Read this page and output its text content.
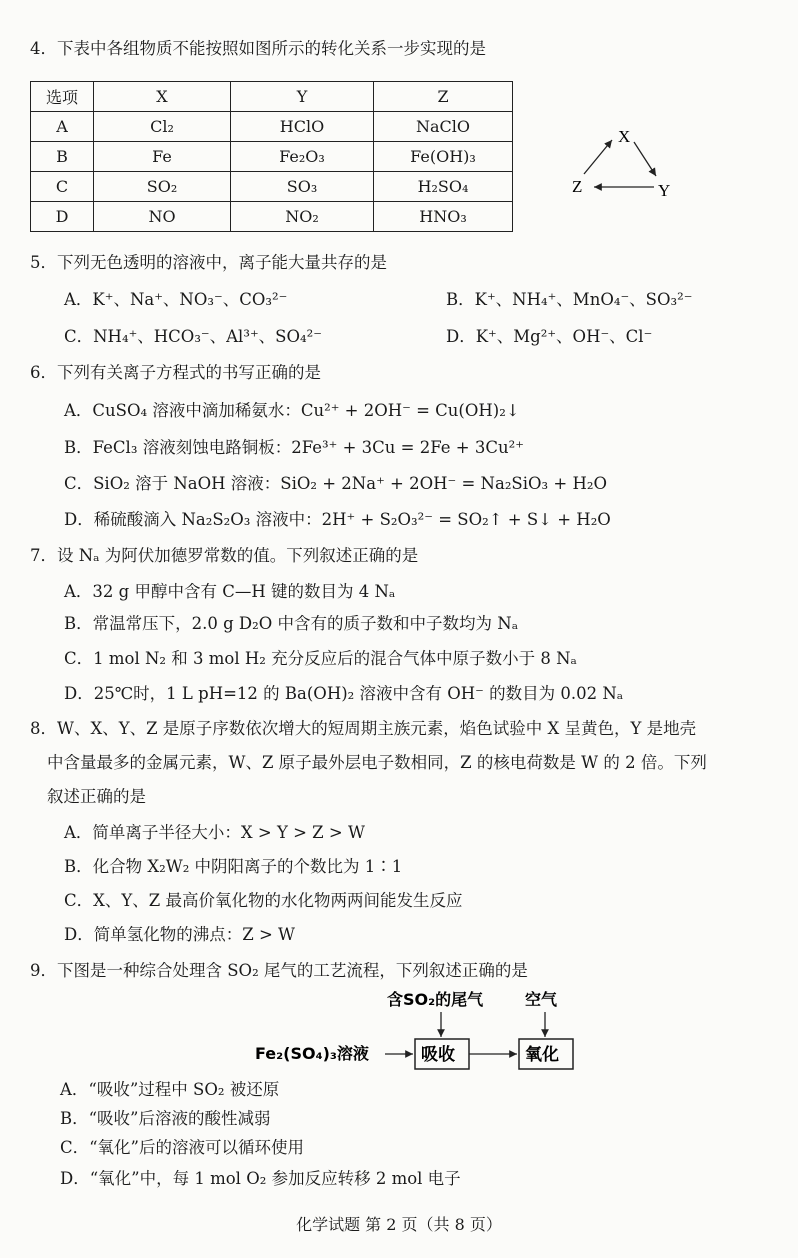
4．下表中各组物质不能按照如图所示的转化关系一步实现的是
选项	X	Y	Z
A	Cl₂	HClO	NaClO
B	Fe	Fe₂O₃	Fe(OH)₃
C	SO₂	SO₃	H₂SO₄
D	NO	NO₂	HNO₃
X
Y
Z
5．下列无色透明的溶液中，离子能大量共存的是
A．K⁺、Na⁺、NO₃⁻、CO₃²⁻	B．K⁺、NH₄⁺、MnO₄⁻、SO₃²⁻
C．NH₄⁺、HCO₃⁻、Al³⁺、SO₄²⁻	D．K⁺、Mg²⁺、OH⁻、Cl⁻
6．下列有关离子方程式的书写正确的是
A．CuSO₄ 溶液中滴加稀氨水：Cu²⁺ + 2OH⁻ = Cu(OH)₂↓
B．FeCl₃ 溶液刻蚀电路铜板：2Fe³⁺ + 3Cu = 2Fe + 3Cu²⁺
C．SiO₂ 溶于 NaOH 溶液：SiO₂ + 2Na⁺ + 2OH⁻ = Na₂SiO₃ + H₂O
D．稀硫酸滴入 Na₂S₂O₃ 溶液中：2H⁺ + S₂O₃²⁻ = SO₂↑ + S↓ + H₂O
7．设 Nₐ 为阿伏加德罗常数的值。下列叙述正确的是
A．32 g 甲醇中含有 C—H 键的数目为 4 Nₐ
B．常温常压下，2.0 g D₂O 中含有的质子数和中子数均为 Nₐ
C．1 mol N₂ 和 3 mol H₂ 充分反应后的混合气体中原子数小于 8 Nₐ
D．25℃时，1 L pH=12 的 Ba(OH)₂ 溶液中含有 OH⁻ 的数目为 0.02 Nₐ
8．W、X、Y、Z 是原子序数依次增大的短周期主族元素，焰色试验中 X 呈黄色，Y 是地壳
中含量最多的金属元素，W、Z 原子最外层电子数相同，Z 的核电荷数是 W 的 2 倍。下列
叙述正确的是
A．简单离子半径大小：X > Y > Z > W
B．化合物 X₂W₂ 中阴阳离子的个数比为 1∶1
C．X、Y、Z 最高价氧化物的水化物两两间能发生反应
D．简单氢化物的沸点：Z > W
9．下图是一种综合处理含 SO₂ 尾气的工艺流程，下列叙述正确的是
含SO₂的尾气	空气
Fe₂(SO₄)₃溶液	吸收	氧化
A．“吸收”过程中 SO₂ 被还原
B．“吸收”后溶液的酸性减弱
C．“氧化”后的溶液可以循环使用
D．“氧化”中，每 1 mol O₂ 参加反应转移 2 mol 电子
化学试题 第 2 页（共 8 页）
